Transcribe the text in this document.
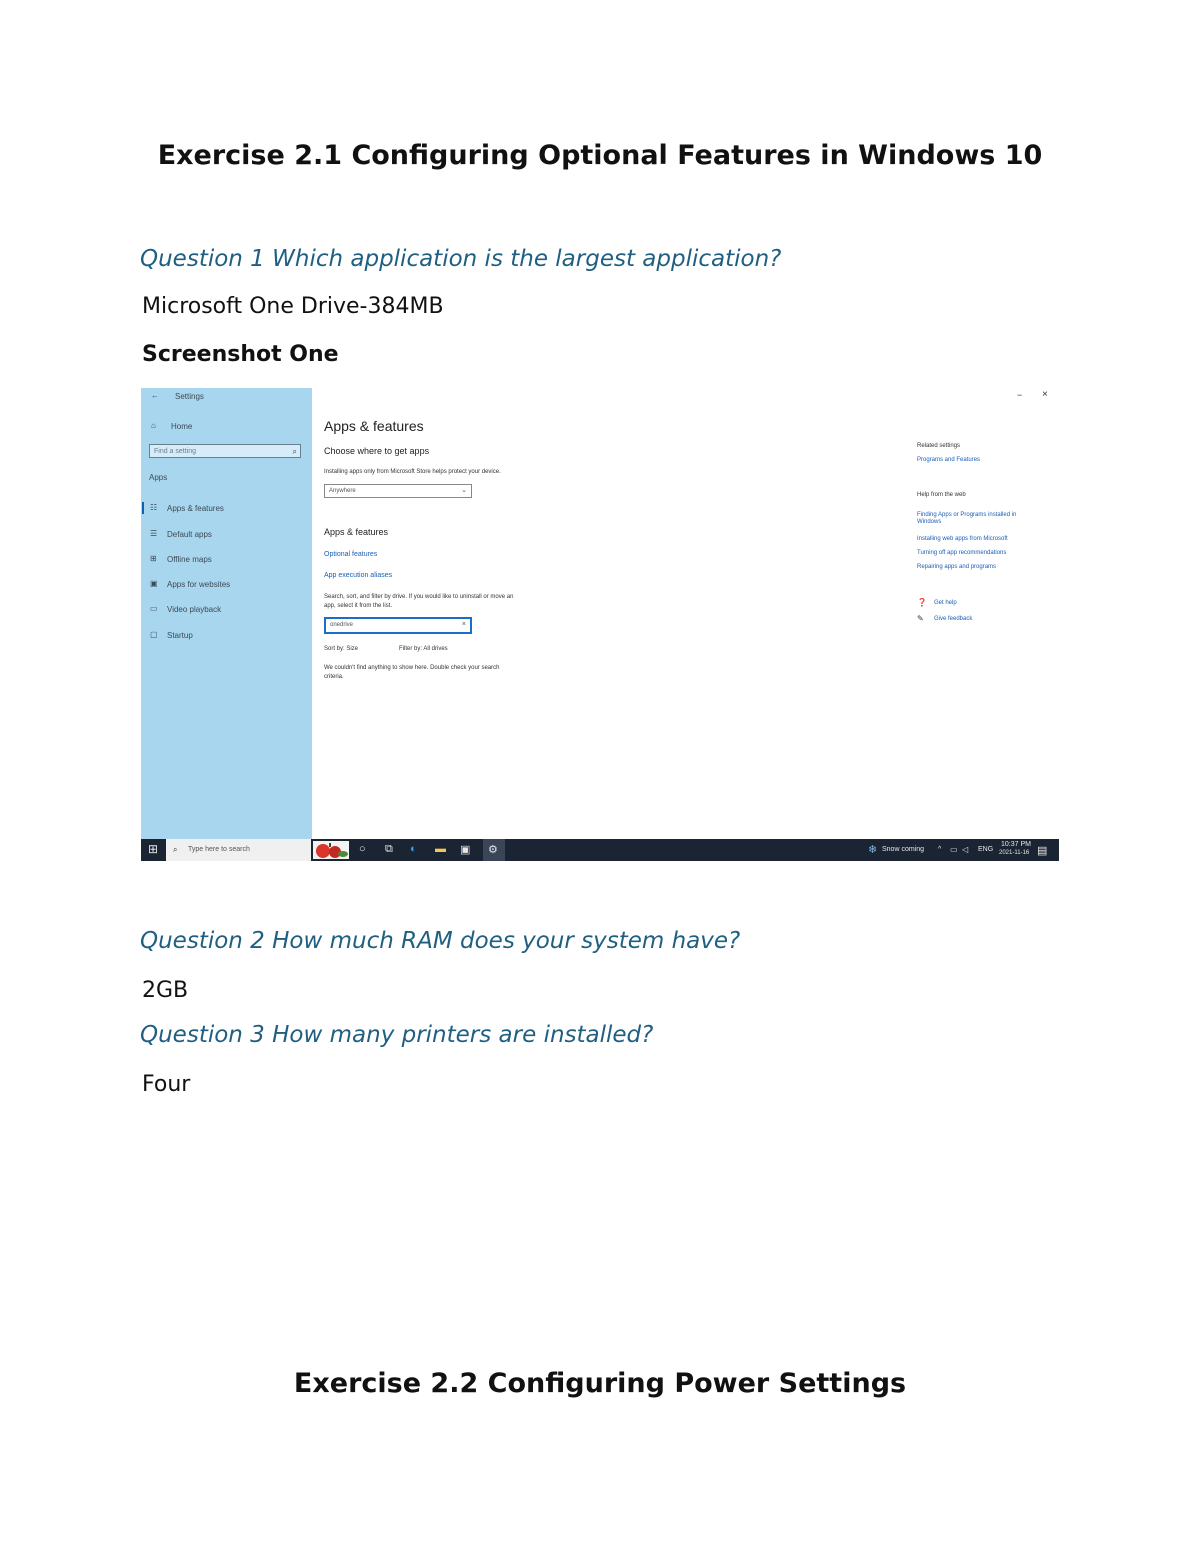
Exercise 2.1 Configuring Optional Features in Windows 10
Question 1 Which application is the largest application?
Microsoft One Drive-384MB
Screenshot One
← Settings
⌂ Home
Find a setting	⌕
Apps
☷ Apps & features
☰ Default apps
⊞ Offline maps
▣ Apps for websites
▭ Video playback
▢ Startup
− ×
Apps & features
Choose where to get apps
Installing apps only from Microsoft Store helps protect your device.
Anywhere	⌄
Apps & features
Optional features
App execution aliases
Search, sort, and filter by drive. If you would like to uninstall or move an
app, select it from the list.
onedrive	×
Sort by: Size	Filter by: All drives
We couldn't find anything to show here. Double check your search
criteria.
Related settings
Programs and Features
Help from the web
Finding Apps or Programs installed in Windows
Installing web apps from Microsoft
Turning off app recommendations
Repairing apps and programs
❓ Get help
✎ Give feedback
⊞ ⌕ Type here to search	○ ⧉ ◐ ▬ ▣ ⚙	❄ Snow coming ^ ▭ ◁ ENG
10:37 PM
2021-11-16 ▤
Question 2 How much RAM does your system have?
2GB
Question 3 How many printers are installed?
Four
Exercise 2.2 Configuring Power Settings
